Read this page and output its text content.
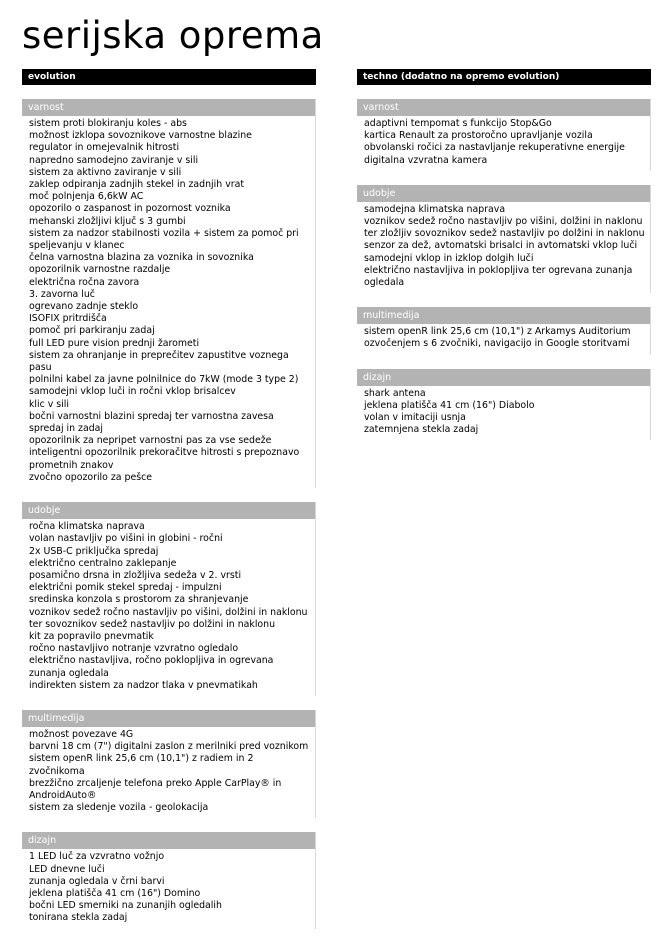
serijska oprema
evolution
varnost
sistem proti blokiranju koles - abs
možnost izklopa sovoznikove varnostne blazine
regulator in omejevalnik hitrosti
napredno samodejno zaviranje v sili
sistem za aktivno zaviranje v sili
zaklep odpiranja zadnjih stekel in zadnjih vrat
moč polnjenja 6,6kW AC
opozorilo o zaspanost in pozornost voznika
mehanski zložljivi ključ s 3 gumbi
sistem za nadzor stabilnosti vozila + sistem za pomoč pri speljevanju v klanec
čelna varnostna blazina za voznika in sovoznika
opozorilnik varnostne razdalje
električna ročna zavora
3. zavorna luč
ogrevano zadnje steklo
ISOFIX pritrdišča
pomoč pri parkiranju zadaj
full LED pure vision prednji žarometi
sistem za ohranjanje in preprečitev zapustitve voznega pasu
polnilni kabel za javne polnilnice do 7kW (mode 3 type 2)
samodejni vklop luči in ročni vklop brisalcev
klic v sili
bočni varnostni blazini spredaj ter varnostna zavesa spredaj in zadaj
opozorilnik za nepripet varnostni pas za vse sedeže
inteligentni opozorilnik prekoračitve hitrosti s prepoznavo prometnih znakov
zvočno opozorilo za pešce
udobje
ročna klimatska naprava
volan nastavljiv po višini in globini - ročni
2x USB-C priključka spredaj
električno centralno zaklepanje
posamično drsna in zložljiva sedeža v 2. vrsti
električni pomik stekel spredaj - impulzni
sredinska konzola s prostorom za shranjevanje
voznikov sedež ročno nastavljiv po višini, dolžini in naklonu
ter sovoznikov sedež nastavljiv po dolžini in naklonu
kit za popravilo pnevmatik
ročno nastavljivo notranje vzvratno ogledalo
električno nastavljiva, ročno poklopljiva in ogrevana zunanja ogledala
indirekten sistem za nadzor tlaka v pnevmatikah
multimedija
možnost povezave 4G
barvni 18 cm (7") digitalni zaslon z merilniki pred voznikom
sistem openR link 25,6 cm (10,1") z radiem in 2 zvočnikoma
brezžično zrcaljenje telefona preko Apple CarPlay® in AndroidAuto®
sistem za sledenje vozila - geolokacija
dizajn
1 LED luč za vzvratno vožnjo
LED dnevne luči
zunanja ogledala v črni barvi
jeklena platišča 41 cm (16") Domino
bočni LED smerniki na zunanjih ogledalih
tonirana stekla zadaj
techno (dodatno na opremo evolution)
varnost
adaptivni tempomat s funkcijo Stop&Go
kartica Renault za prostoročno upravljanje vozila
obvolanski ročici za nastavljanje rekuperativne energije
digitalna vzvratna kamera
udobje
samodejna klimatska naprava
voznikov sedež ročno nastavljiv po višini, dolžini in naklonu
ter zložljiv sovoznikov sedež nastavljiv po dolžini in naklonu
senzor za dež, avtomatski brisalci in avtomatski vklop luči
samodejni vklop in izklop dolgih luči
električno nastavljiva in poklopljiva ter ogrevana zunanja ogledala
multimedija
sistem openR link 25,6 cm (10,1") z Arkamys Auditorium ozvočenjem s 6 zvočniki, navigacijo in Google storitvami
dizajn
shark antena
jeklena platišča 41 cm (16") Diabolo
volan v imitaciji usnja
zatemnjena stekla zadaj
